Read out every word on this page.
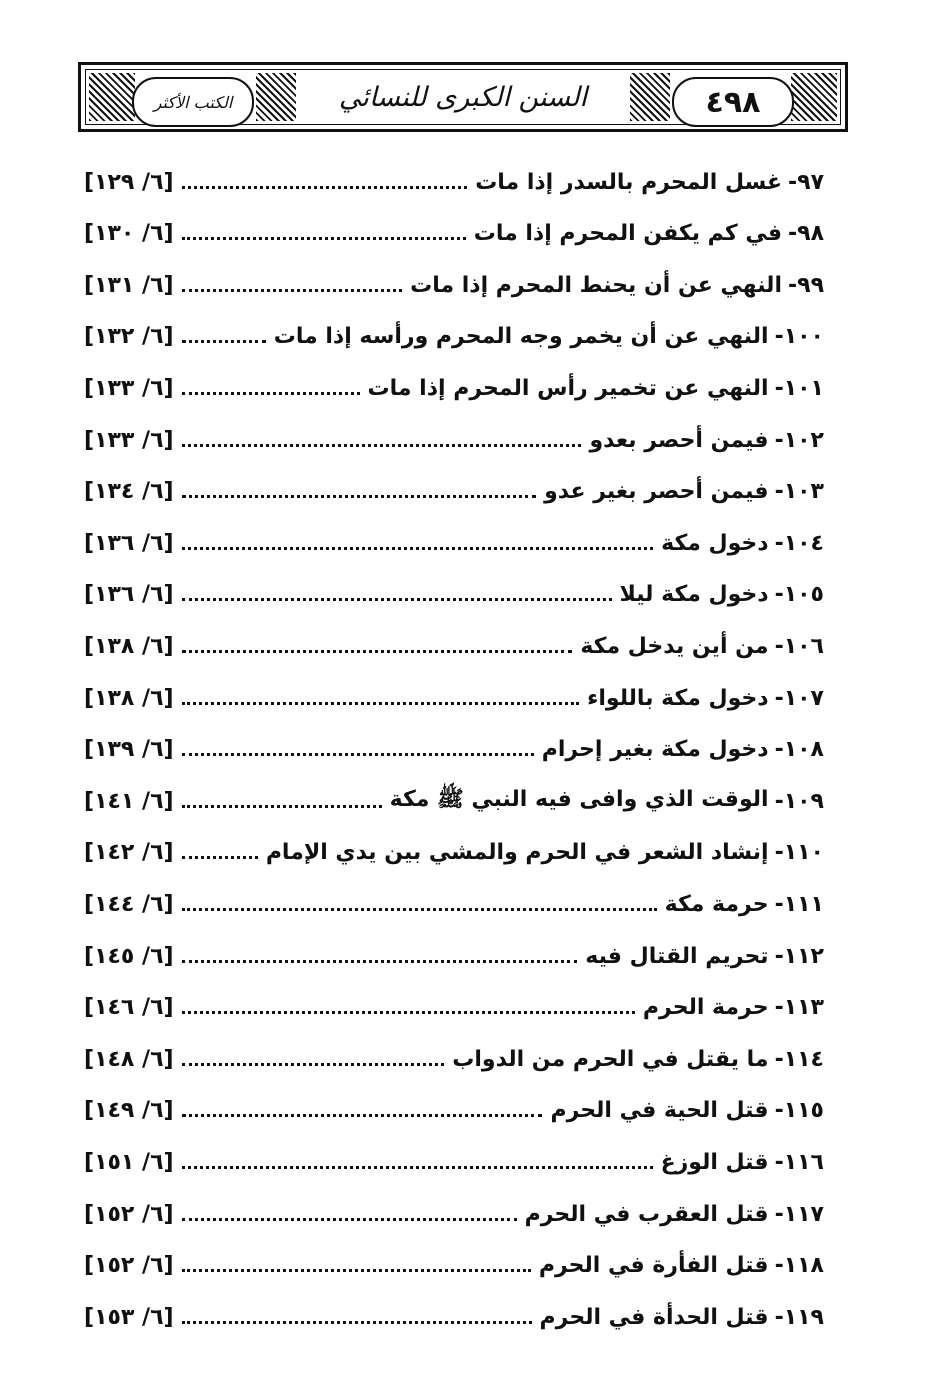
٤٩٨
السنن الكبرى للنسائي
الكتب الأكثر
٩٧-
غسل المحرم بالسدر إذا مات
[٦/ ١٢٩]
٩٨-
في كم يكفن المحرم إذا مات
[٦/ ١٣٠]
٩٩-
النهي عن أن يحنط المحرم إذا مات
[٦/ ١٣١]
١٠٠-
النهي عن أن يخمر وجه المحرم ورأسه إذا مات
[٦/ ١٣٢]
١٠١-
النهي عن تخمير رأس المحرم إذا مات
[٦/ ١٣٣]
١٠٢-
فيمن أحصر بعدو
[٦/ ١٣٣]
١٠٣-
فيمن أحصر بغير عدو
[٦/ ١٣٤]
١٠٤-
دخول مكة
[٦/ ١٣٦]
١٠٥-
دخول مكة ليلا
[٦/ ١٣٦]
١٠٦-
من أين يدخل مكة
[٦/ ١٣٨]
١٠٧-
دخول مكة باللواء
[٦/ ١٣٨]
١٠٨-
دخول مكة بغير إحرام
[٦/ ١٣٩]
١٠٩-
الوقت الذي وافى فيه النبي ﷺ مكة
[٦/ ١٤١]
١١٠-
إنشاد الشعر في الحرم والمشي بين يدي الإمام
[٦/ ١٤٢]
١١١-
حرمة مكة
[٦/ ١٤٤]
١١٢-
تحريم القتال فيه
[٦/ ١٤٥]
١١٣-
حرمة الحرم
[٦/ ١٤٦]
١١٤-
ما يقتل في الحرم من الدواب
[٦/ ١٤٨]
١١٥-
قتل الحية في الحرم
[٦/ ١٤٩]
١١٦-
قتل الوزغ
[٦/ ١٥١]
١١٧-
قتل العقرب في الحرم
[٦/ ١٥٢]
١١٨-
قتل الفأرة في الحرم
[٦/ ١٥٢]
١١٩-
قتل الحدأة في الحرم
[٦/ ١٥٣]
